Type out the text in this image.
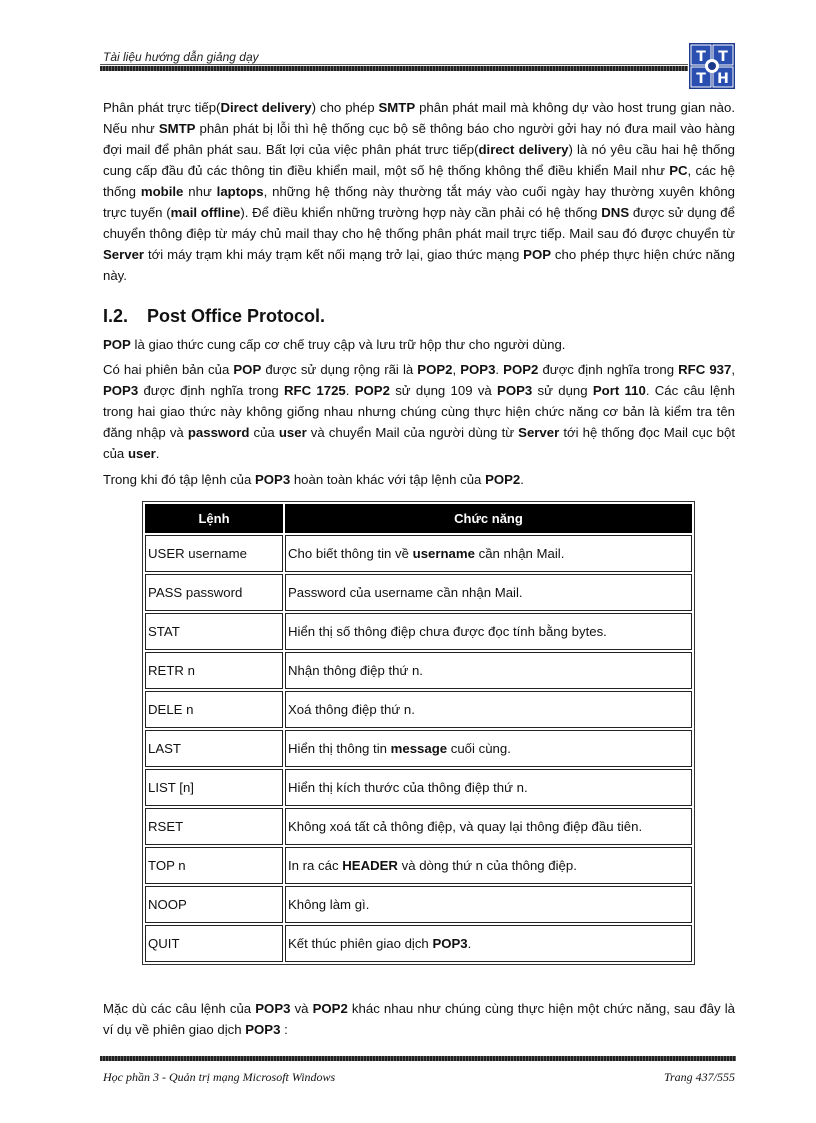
Tài liệu hướng dẫn giảng dạy	T T
T H

Phân phát trực tiếp(Direct delivery) cho phép SMTP phân phát mail mà không dự vào host trung gian nào. Nếu như SMTP phân phát bị lỗi thì hệ thống cục bộ sẽ thông báo cho người gởi hay nó đưa mail vào hàng đợi mail để phân phát sau. Bất lợi của việc phân phát trưc tiếp(direct delivery) là nó yêu cầu hai hệ thống cung cấp đầu đủ các thông tin điều khiển mail, một số hệ thống không thể điều khiển Mail như PC, các hệ thống mobile như laptops, những hệ thống này thường tắt máy vào cuối ngày hay thường xuyên không trực tuyến (mail offline). Để điều khiển những trường hợp này cần phải có hệ thống DNS được sử dụng để chuyển thông điệp từ máy chủ mail thay cho hệ thống phân phát mail trực tiếp. Mail sau đó được chuyển từ Server tới máy trạm khi máy trạm kết nối mạng trở lại, giao thức mạng POP cho phép thực hiện chức năng này.

I.2. Post Office Protocol.

POP là giao thức cung cấp cơ chế truy cập và lưu trữ hộp thư cho người dùng.

Có hai phiên bản của POP được sử dụng rộng rãi là POP2, POP3. POP2 được định nghĩa trong RFC 937, POP3 được định nghĩa trong RFC 1725. POP2 sử dụng 109 và POP3 sử dụng Port 110. Các câu lệnh trong hai giao thức này không giống nhau nhưng chúng cùng thực hiện chức năng cơ bản là kiểm tra tên đăng nhập và password của user và chuyển Mail của người dùng từ Server tới hệ thống đọc Mail cục bột của user.

Trong khi đó tập lệnh của POP3 hoàn toàn khác với tập lệnh của POP2.

Lệnh	Chức năng
USER username	Cho biết thông tin về username cần nhận Mail.
PASS password	Password của username cần nhận Mail.
STAT	Hiển thị số thông điệp chưa được đọc tính bằng bytes.
RETR n	Nhận thông điệp thứ n.
DELE n	Xoá thông điệp thứ n.
LAST	Hiển thị thông tin message cuối cùng.
LIST [n]	Hiển thị kích thước của thông điệp thứ n.
RSET	Không xoá tất cả thông điệp, và quay lại thông điệp đầu tiên.
TOP n	In ra các HEADER và dòng thứ n của thông điệp.
NOOP	Không làm gì.
QUIT	Kết thúc phiên giao dịch POP3.

Mặc dù các câu lệnh của POP3 và POP2 khác nhau như chúng cùng thực hiện một chức năng, sau đây là ví dụ về phiên giao dịch POP3 :

Học phần 3 - Quản trị mạng Microsoft Windows	Trang 437/555
